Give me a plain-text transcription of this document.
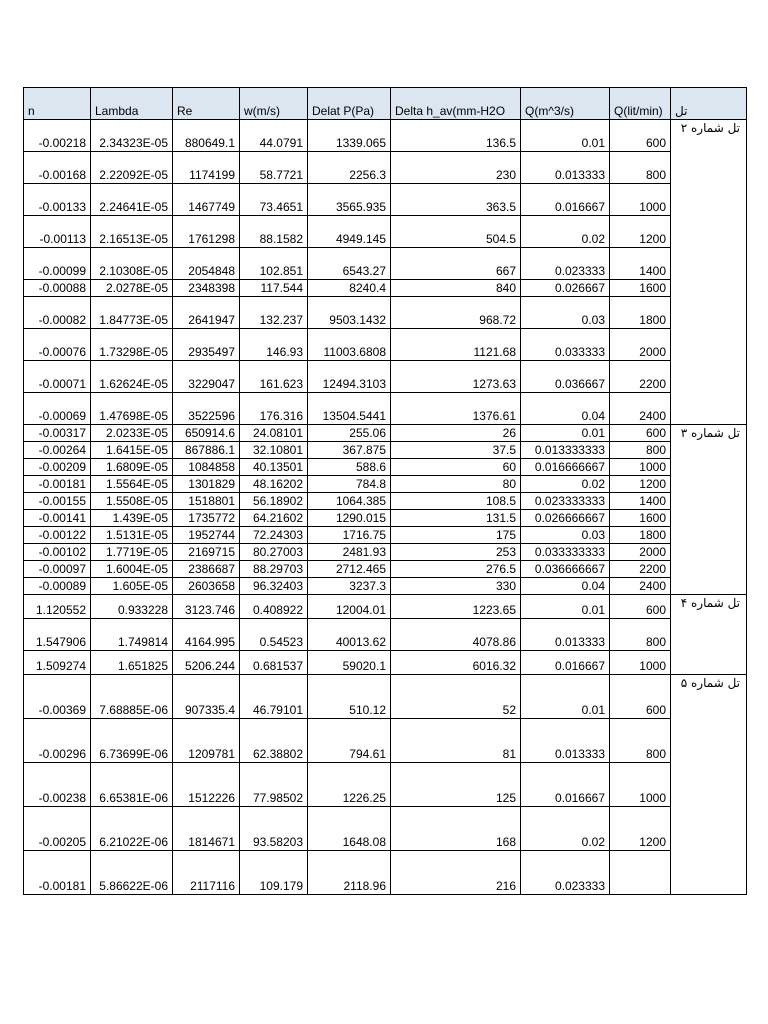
n	Lambda	Re	w(m/s)	Delat P(Pa)	Delta h_av(mm-H2O	Q(m^3/s)	Q(lit/min)	تل
-0.00218	2.34323E-05	880649.1	44.0791	1339.065	136.5	0.01	600	تل شماره ۲
-0.00168	2.22092E-05	1174199	58.7721	2256.3	230	0.013333	800	
-0.00133	2.24641E-05	1467749	73.4651	3565.935	363.5	0.016667	1000	
-0.00113	2.16513E-05	1761298	88.1582	4949.145	504.5	0.02	1200	
-0.00099	2.10308E-05	2054848	102.851	6543.27	667	0.023333	1400	
-0.00088	2.0278E-05	2348398	117.544	8240.4	840	0.026667	1600	
-0.00082	1.84773E-05	2641947	132.237	9503.1432	968.72	0.03	1800	
-0.00076	1.73298E-05	2935497	146.93	11003.6808	1121.68	0.033333	2000	
-0.00071	1.62624E-05	3229047	161.623	12494.3103	1273.63	0.036667	2200	
-0.00069	1.47698E-05	3522596	176.316	13504.5441	1376.61	0.04	2400	
-0.00317	2.0233E-05	650914.6	24.08101	255.06	26	0.01	600	تل شماره ۳
-0.00264	1.6415E-05	867886.1	32.10801	367.875	37.5	0.013333333	800	
-0.00209	1.6809E-05	1084858	40.13501	588.6	60	0.016666667	1000	
-0.00181	1.5564E-05	1301829	48.16202	784.8	80	0.02	1200	
-0.00155	1.5508E-05	1518801	56.18902	1064.385	108.5	0.023333333	1400	
-0.00141	1.439E-05	1735772	64.21602	1290.015	131.5	0.026666667	1600	
-0.00122	1.5131E-05	1952744	72.24303	1716.75	175	0.03	1800	
-0.00102	1.7719E-05	2169715	80.27003	2481.93	253	0.033333333	2000	
-0.00097	1.6004E-05	2386687	88.29703	2712.465	276.5	0.036666667	2200	
-0.00089	1.605E-05	2603658	96.32403	3237.3	330	0.04	2400	
1.120552	0.933228	3123.746	0.408922	12004.01	1223.65	0.01	600	تل شماره ۴
1.547906	1.749814	4164.995	0.54523	40013.62	4078.86	0.013333	800	
1.509274	1.651825	5206.244	0.681537	59020.1	6016.32	0.016667	1000	
-0.00369	7.68885E-06	907335.4	46.79101	510.12	52	0.01	600	تل شماره ۵
-0.00296	6.73699E-06	1209781	62.38802	794.61	81	0.013333	800	
-0.00238	6.65381E-06	1512226	77.98502	1226.25	125	0.016667	1000	
-0.00205	6.21022E-06	1814671	93.58203	1648.08	168	0.02	1200	
-0.00181	5.86622E-06	2117116	109.179	2118.96	216	0.023333		
